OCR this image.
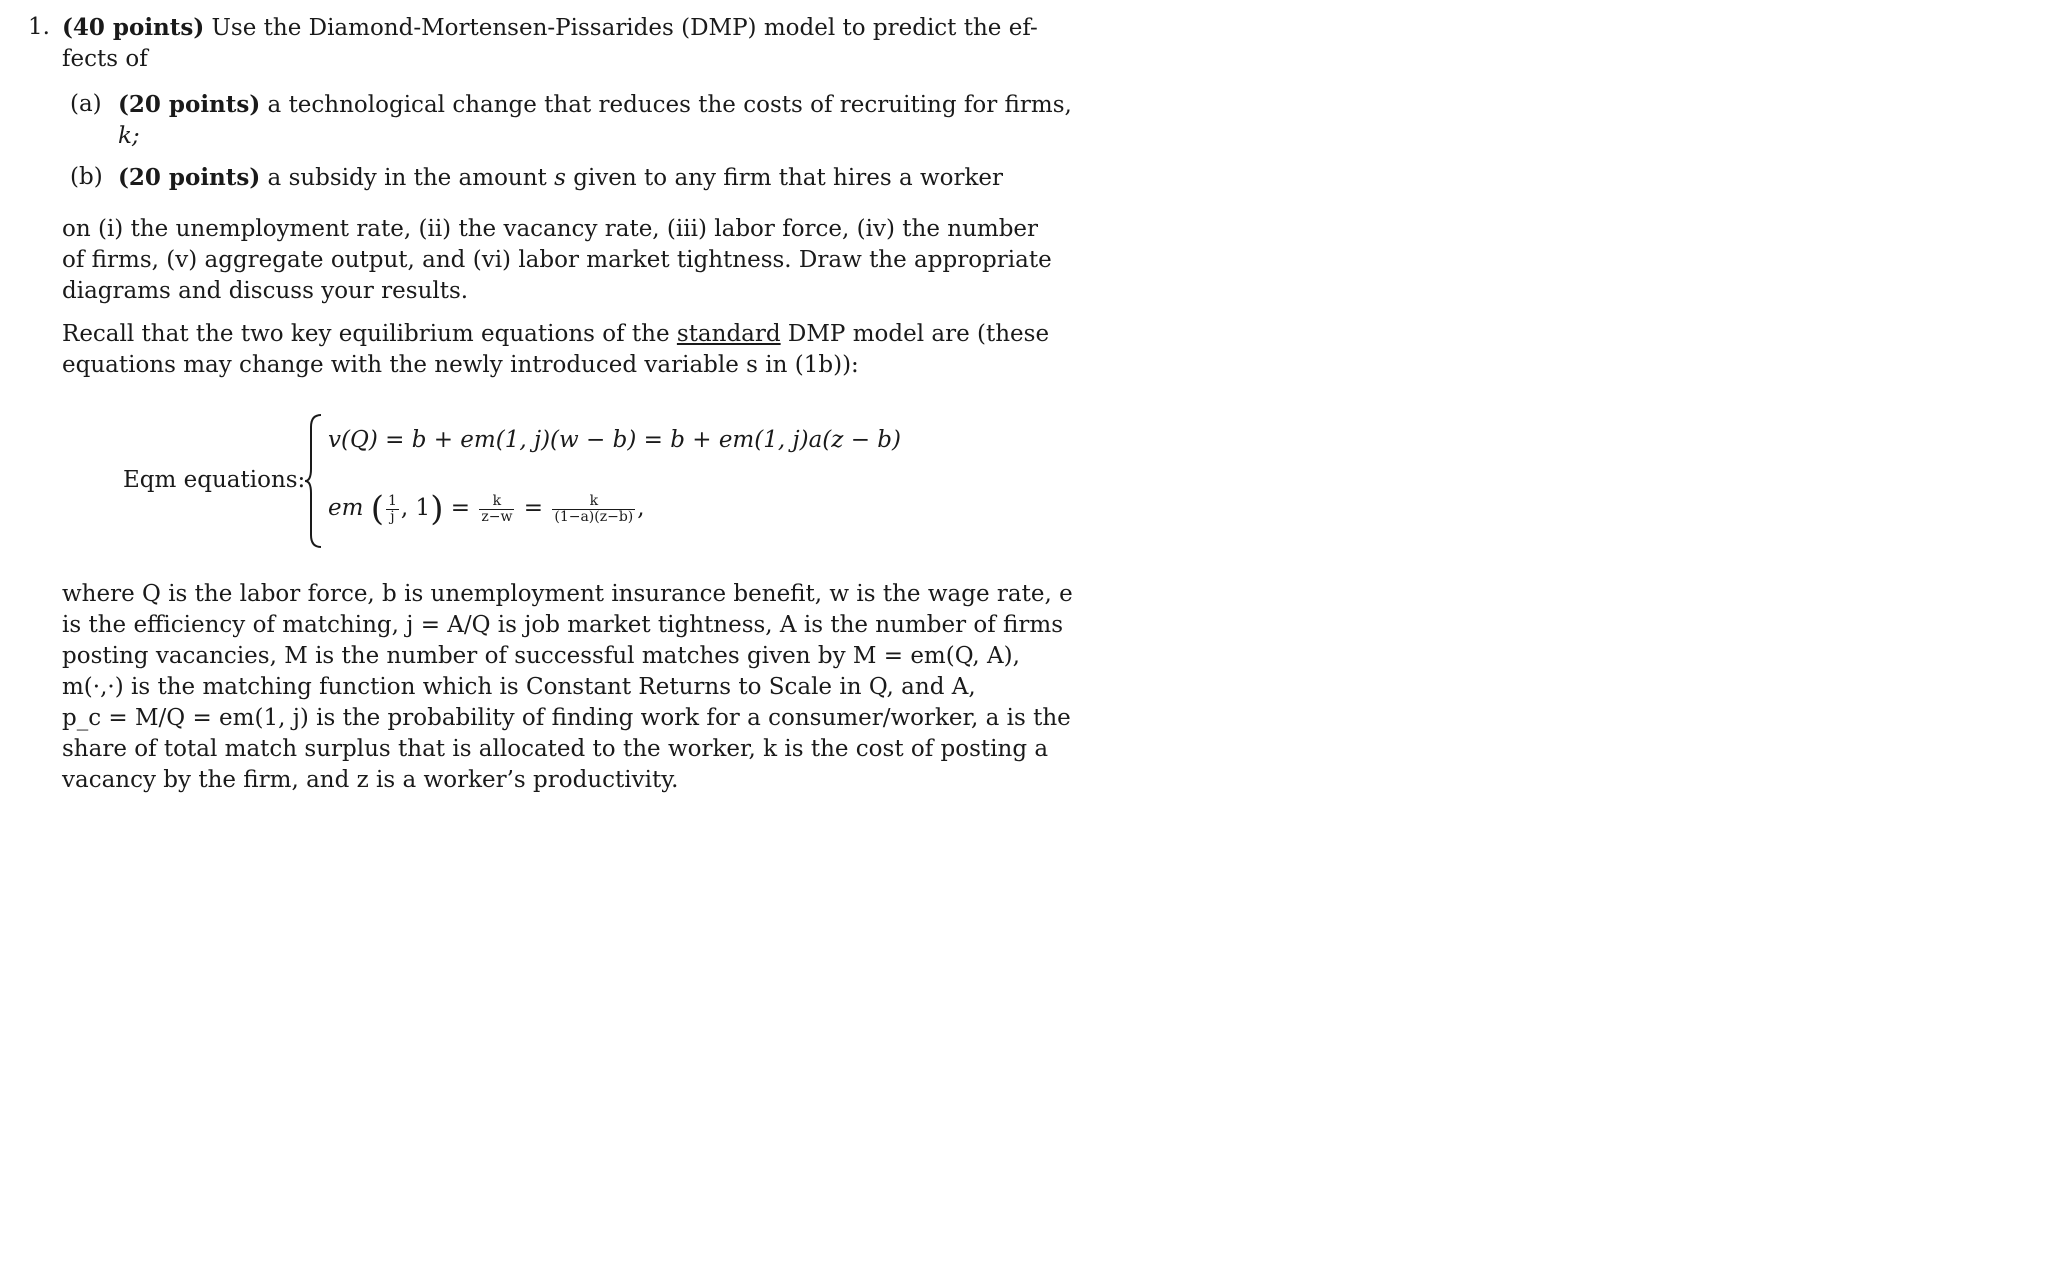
1. (40 points) Use the Diamond-Mortensen-Pissarides (DMP) model to predict the ef-
fects of
(a) (20 points) a technological change that reduces the costs of recruiting for firms,
k;
(b) (20 points) a subsidy in the amount s given to any firm that hires a worker
on (i) the unemployment rate, (ii) the vacancy rate, (iii) labor force, (iv) the number
of firms, (v) aggregate output, and (vi) labor market tightness. Draw the appropriate
diagrams and discuss your results.
Recall that the two key equilibrium equations of the standard DMP model are (these
equations may change with the newly introduced variable s in (1b)):
Eqm equations:
v(Q) = b + em(1, j)(w − b) = b + em(1, j)a(z − b)
em ( $\frac{1}{j}$ , $1) = \frac{k}{z-w} = \frac{k}{(1-a)(z-b)}$ ,
where Q is the labor force, b is unemployment insurance benefit, w is the wage rate, e
is the efficiency of matching, j = A/Q is job market tightness, A is the number of firms
posting vacancies, M is the number of successful matches given by M = em(Q, A),
m(·,·) is the matching function which is Constant Returns to Scale in Q, and A,
p_c = M/Q = em(1, j) is the probability of finding work for a consumer/worker, a is the
share of total match surplus that is allocated to the worker, k is the cost of posting a
vacancy by the firm, and z is a worker’s productivity.
